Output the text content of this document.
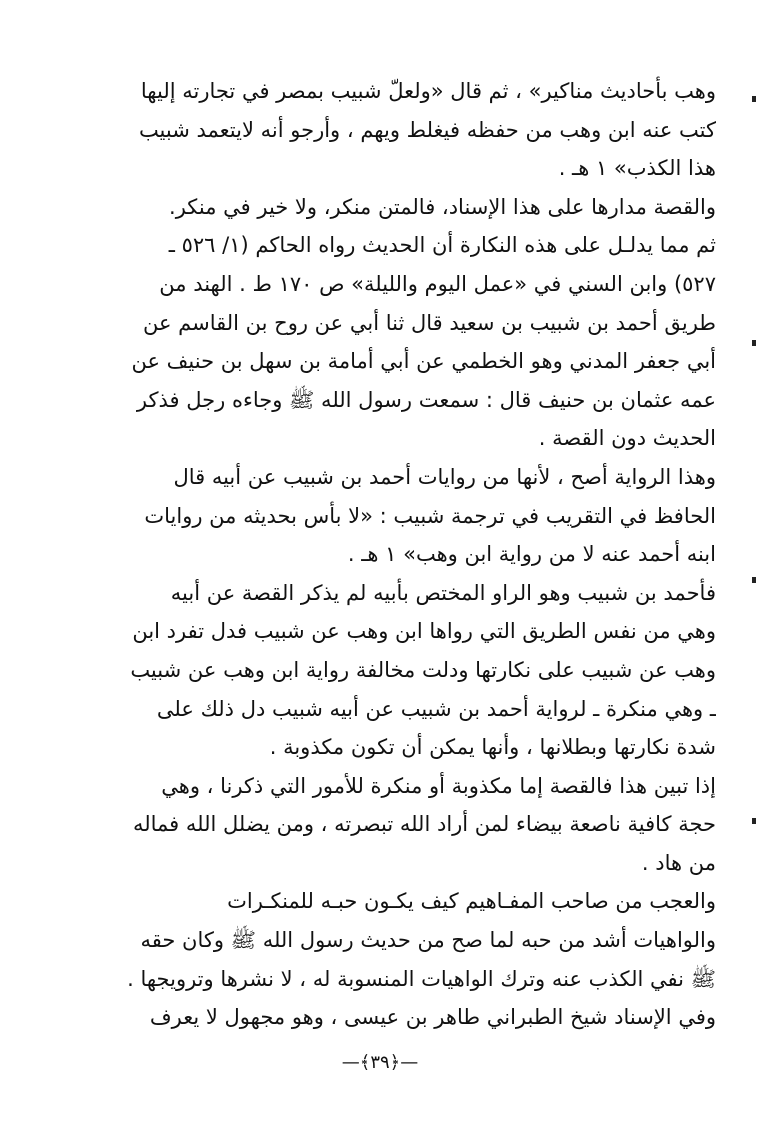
وهب بأحاديث مناكير» ، ثم قال «ولعلّ شبيب بمصر في تجارته إليها
كتب عنه ابن وهب من حفظه فيغلط ويهم ، وأرجو أنه لايتعمد شبيب
هذا الكذب» ١ هـ .
والقصة مدارها على هذا الإسناد، فالمتن منكر، ولا خير في منكر.
ثم مما يدلـل على هذه النكارة أن الحديث رواه الحاكم (١/ ٥٢٦ ـ
٥٢٧) وابن السني في «عمل اليوم والليلة» ص ١٧٠ ط . الهند من
طريق أحمد بن شبيب بن سعيد قال ثنا أبي عن روح بن القاسم عن
أبي جعفر المدني وهو الخطمي عن أبي أمامة بن سهل بن حنيف عن
عمه عثمان بن حنيف قال : سمعت رسول الله ﷺ وجاءه رجل فذكر
الحديث دون القصة .
وهذا الرواية أصح ، لأنها من روايات أحمد بن شبيب عن أبيه قال
الحافظ في التقريب في ترجمة شبيب : «لا بأس بحديثه من روايات
ابنه أحمد عنه لا من رواية ابن وهب» ١ هـ .
فأحمد بن شبيب وهو الراو المختص بأبيه لم يذكر القصة عن أبيه
وهي من نفس الطريق التي رواها ابن وهب عن شبيب فدل تفرد ابن
وهب عن شبيب على نكارتها ودلت مخالفة رواية ابن وهب عن شبيب
ـ وهي منكرة ـ لرواية أحمد بن شبيب عن أبيه شبيب دل ذلك على
شدة نكارتها وبطلانها ، وأنها يمكن أن تكون مكذوبة .
إذا تبين هذا فالقصة إما مكذوبة أو منكرة للأمور التي ذكرنا ، وهي
حجة كافية ناصعة بيضاء لمن أراد الله تبصرته ، ومن يضلل الله فماله
من هاد .
والعجب من صاحب المفـاهيم كيف يكـون حبـه للمنكـرات
والواهيات أشد من حبه لما صح من حديث رسول الله ﷺ وكان حقه
ﷺ نفي الكذب عنه وترك الواهيات المنسوبة له ، لا نشرها وترويجها .
وفي الإسناد شيخ الطبراني طاهر بن عيسى ، وهو مجهول لا يعرف
—﴿٣٩﴾—
